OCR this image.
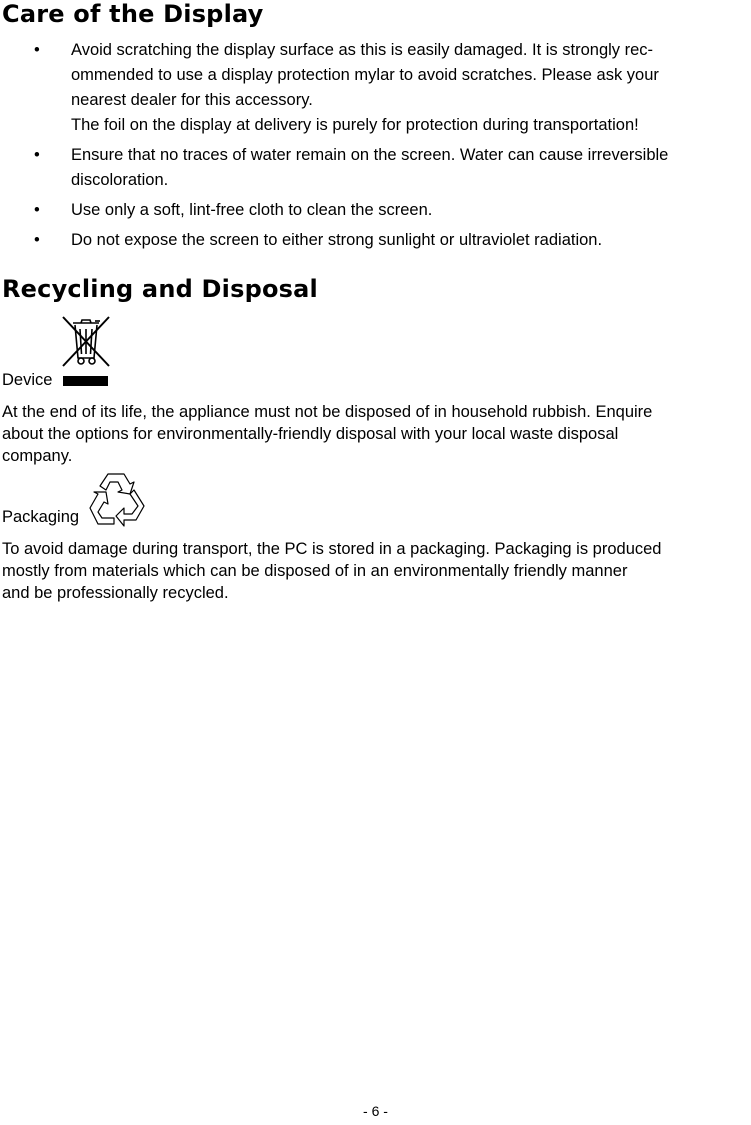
Care of the Display
• Avoid scratching the display surface as this is easily damaged. It is strongly rec-
ommended to use a display protection mylar to avoid scratches. Please ask your
nearest dealer for this accessory.
The foil on the display at delivery is purely for protection during transportation!
• Ensure that no traces of water remain on the screen. Water can cause irreversible
discoloration.
• Use only a soft, lint-free cloth to clean the screen.
• Do not expose the screen to either strong sunlight or ultraviolet radiation.
Recycling and Disposal
Device

At the end of its life, the appliance must not be disposed of in household rubbish. Enquire
about the options for environmentally-friendly disposal with your local waste disposal
company.

Packaging

To avoid damage during transport, the PC is stored in a packaging. Packaging is produced
mostly from materials which can be disposed of in an environmentally friendly manner
and be professionally recycled.

- 6 -
